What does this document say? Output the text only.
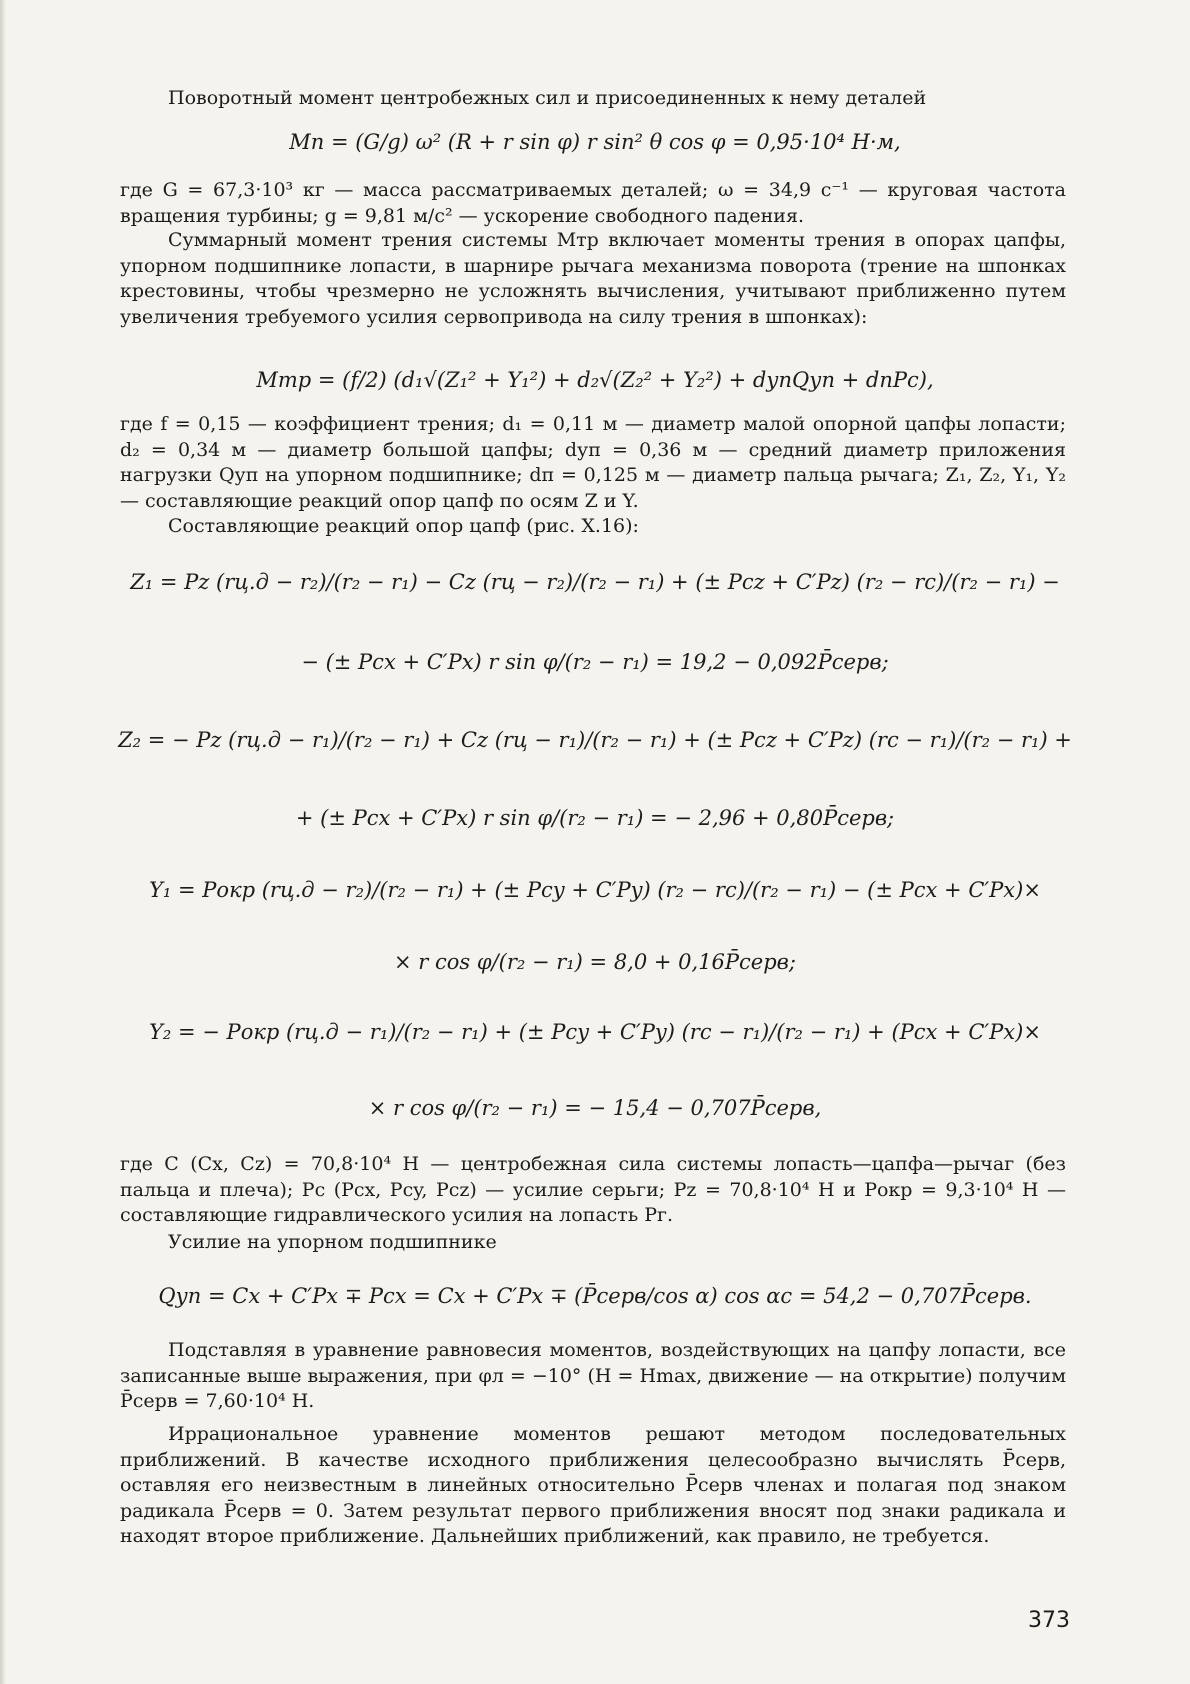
Поворотный момент центробежных сил и присоединенных к нему деталей

Mп = (G/g) ω² (R + r sin φ) r sin² θ cos φ = 0,95·10⁴ Н·м,

где G = 67,3·10³ кг — масса рассматриваемых деталей; ω = 34,9 с⁻¹ — круговая частота вращения турбины; g = 9,81 м/с² — ускорение свободного падения.

Суммарный момент трения системы Mтр включает моменты трения в опорах цапфы, упорном подшипнике лопасти, в шарнире рычага механизма поворота (трение на шпонках крестовины, чтобы чрезмерно не усложнять вычисления, учитывают приближенно путем увеличения требуемого усилия сервопривода на силу трения в шпонках):

Mтр = (f/2) (d₁√(Z₁² + Y₁²) + d₂√(Z₂² + Y₂²) + dупQуп + dпPс),

где f = 0,15 — коэффициент трения; d₁ = 0,11 м — диаметр малой опорной цапфы лопасти; d₂ = 0,34 м — диаметр большой цапфы; dуп = 0,36 м — средний диаметр приложения нагрузки Qуп на упорном подшипнике; dп = 0,125 м — диаметр пальца рычага; Z₁, Z₂, Y₁, Y₂ — составляющие реакций опор цапф по осям Z и Y.

Составляющие реакций опор цапф (рис. X.16):

Z₁ = Pz (rц.д − r₂)/(r₂ − r₁) − Cz (rц − r₂)/(r₂ − r₁) + (± Pсz + C′Pz) (r₂ − rс)/(r₂ − r₁) −

− (± Pсx + C′Px) r sin φ/(r₂ − r₁) = 19,2 − 0,092P̄серв;

Z₂ = − Pz (rц.д − r₁)/(r₂ − r₁) + Cz (rц − r₁)/(r₂ − r₁) + (± Pсz + C′Pz) (rс − r₁)/(r₂ − r₁) +

+ (± Pсx + C′Px) r sin φ/(r₂ − r₁) = − 2,96 + 0,80P̄серв;

Y₁ = Pокр (rц.д − r₂)/(r₂ − r₁) + (± Pсy + C′Py) (r₂ − rс)/(r₂ − r₁) − (± Pсx + C′Px)×

× r cos φ/(r₂ − r₁) = 8,0 + 0,16P̄серв;

Y₂ = − Pокр (rц.д − r₁)/(r₂ − r₁) + (± Pсy + C′Py) (rс − r₁)/(r₂ − r₁) + (Pсx + C′Px)×

× r cos φ/(r₂ − r₁) = − 15,4 − 0,707P̄серв,

где C (Cx, Cz) = 70,8·10⁴ Н — центробежная сила системы лопасть—цапфа—рычаг (без пальца и плеча); Pс (Pсx, Pсy, Pсz) — усилие серьги; Pz = 70,8·10⁴ Н и Pокр = 9,3·10⁴ Н — составляющие гидравлического усилия на лопасть Pг.

Усилие на упорном подшипнике

Qуп = Cx + C′Px ∓ Pсx = Cx + C′Px ∓ (P̄серв/cos α) cos αс = 54,2 − 0,707P̄серв.

Подставляя в уравнение равновесия моментов, воздействующих на цапфу лопасти, все записанные выше выражения, при φл = −10° (H = Hmax, движение — на открытие) получим P̄серв = 7,60·10⁴ Н.

Иррациональное уравнение моментов решают методом последовательных приближений. В качестве исходного приближения целесообразно вычислять P̄серв, оставляя его неизвестным в линейных относительно P̄серв членах и полагая под знаком радикала P̄серв = 0. Затем результат первого приближения вносят под знаки радикала и находят второе приближение. Дальнейших приближений, как правило, не требуется.

373
